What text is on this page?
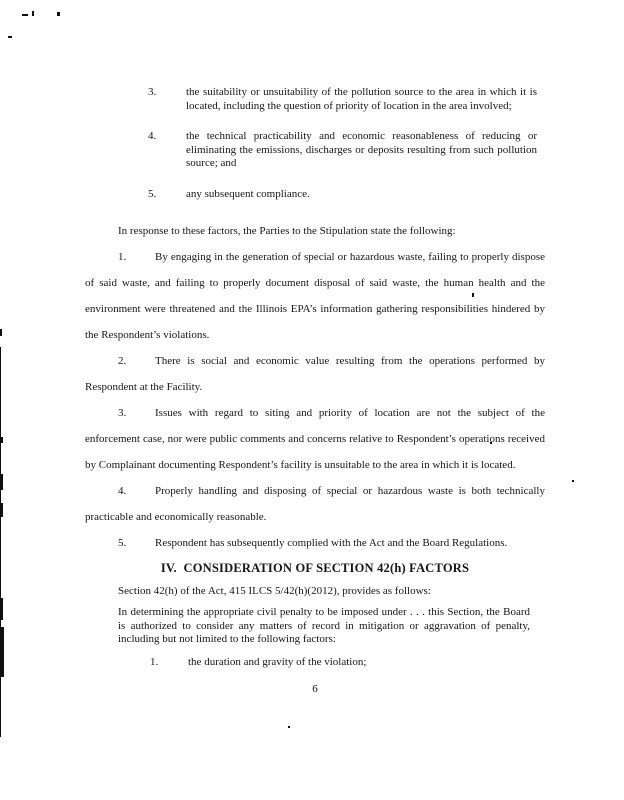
3.	the suitability or unsuitability of the pollution source to the area in which it is located, including the question of priority of location in the area involved;
4.	the technical practicability and economic reasonableness of reducing or eliminating the emissions, discharges or deposits resulting from such pollution source; and
5.	any subsequent compliance.

In response to these factors, the Parties to the Stipulation state the following:

1.	By engaging in the generation of special or hazardous waste, failing to properly dispose of said waste, and failing to properly document disposal of said waste, the human health and the environment were threatened and the Illinois EPA’s information gathering responsibilities hindered by the Respondent’s violations.

2.	There is social and economic value resulting from the operations performed by Respondent at the Facility.

3.	Issues with regard to siting and priority of location are not the subject of the enforcement case, nor were public comments and concerns relative to Respondent’s operations received by Complainant documenting Respondent’s facility is unsuitable to the area in which it is located.

4.	Properly handling and disposing of special or hazardous waste is both technically practicable and economically reasonable.

5.	Respondent has subsequently complied with the Act and the Board Regulations.

IV.  CONSIDERATION OF SECTION 42(h) FACTORS

Section 42(h) of the Act, 415 ILCS 5/42(h)(2012), provides as follows:

In determining the appropriate civil penalty to be imposed under . . . this Section, the Board is authorized to consider any matters of record in mitigation or aggravation of penalty, including but not limited to the following factors:
1.	the duration and gravity of the violation;
6
